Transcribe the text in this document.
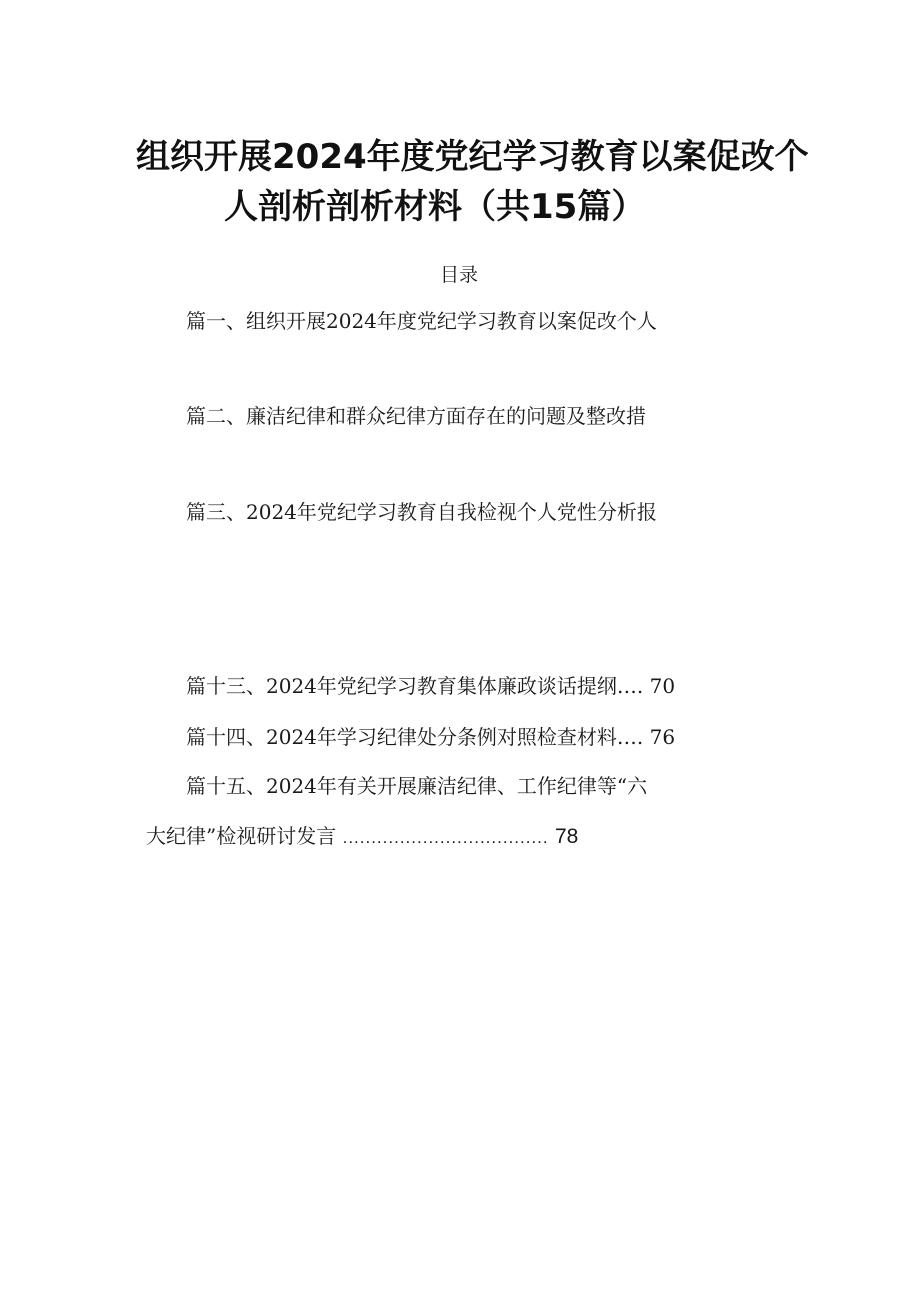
组织开展2024年度党纪学习教育以案促改个
人剖析剖析材料（共15篇）
目录
篇一、组织开展2024年度党纪学习教育以案促改个人
篇二、廉洁纪律和群众纪律方面存在的问题及整改措
篇三、2024年党纪学习教育自我检视个人党性分析报
篇十三、2024年党纪学习教育集体廉政谈话提纲…. 70
篇十四、2024年学习纪律处分条例对照检查材料…. 76
篇十五、2024年有关开展廉洁纪律、工作纪律等“六
大纪律”检视研讨发言 .................................... 78
